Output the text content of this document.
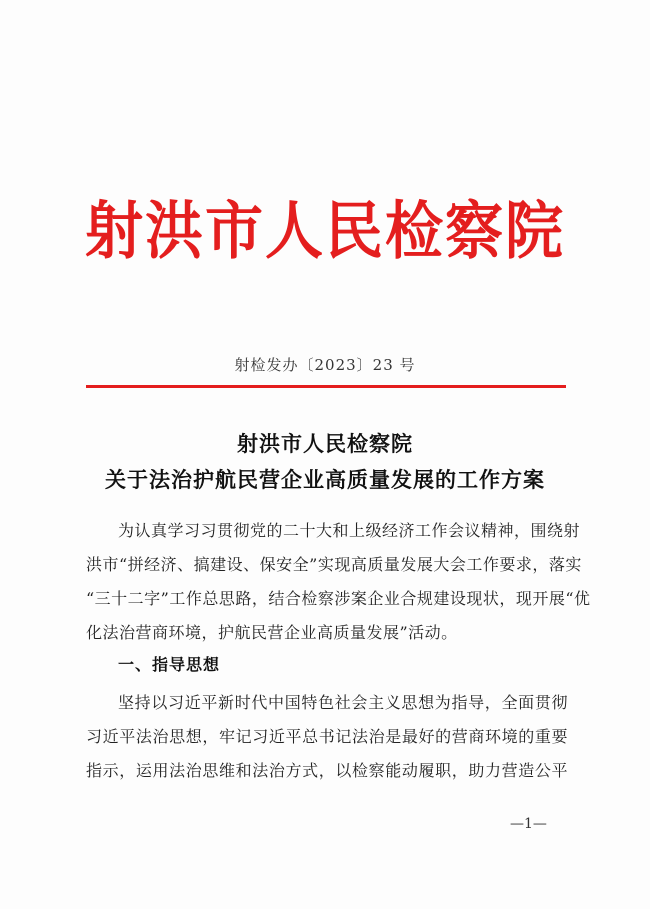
射洪市人民检察院
射检发办〔2023〕23 号
射洪市人民检察院
关于法治护航民营企业高质量发展的工作方案
为认真学习习贯彻党的二十大和上级经济工作会议精神，围绕射
洪市“拼经济、搞建设、保安全”实现高质量发展大会工作要求，落实
“三十二字”工作总思路，结合检察涉案企业合规建设现状，现开展“优
化法治营商环境，护航民营企业高质量发展”活动。
一、指导思想
坚持以习近平新时代中国特色社会主义思想为指导，全面贯彻
习近平法治思想，牢记习近平总书记法治是最好的营商环境的重要
指示，运用法治思维和法治方式，以检察能动履职，助力营造公平
—1—
